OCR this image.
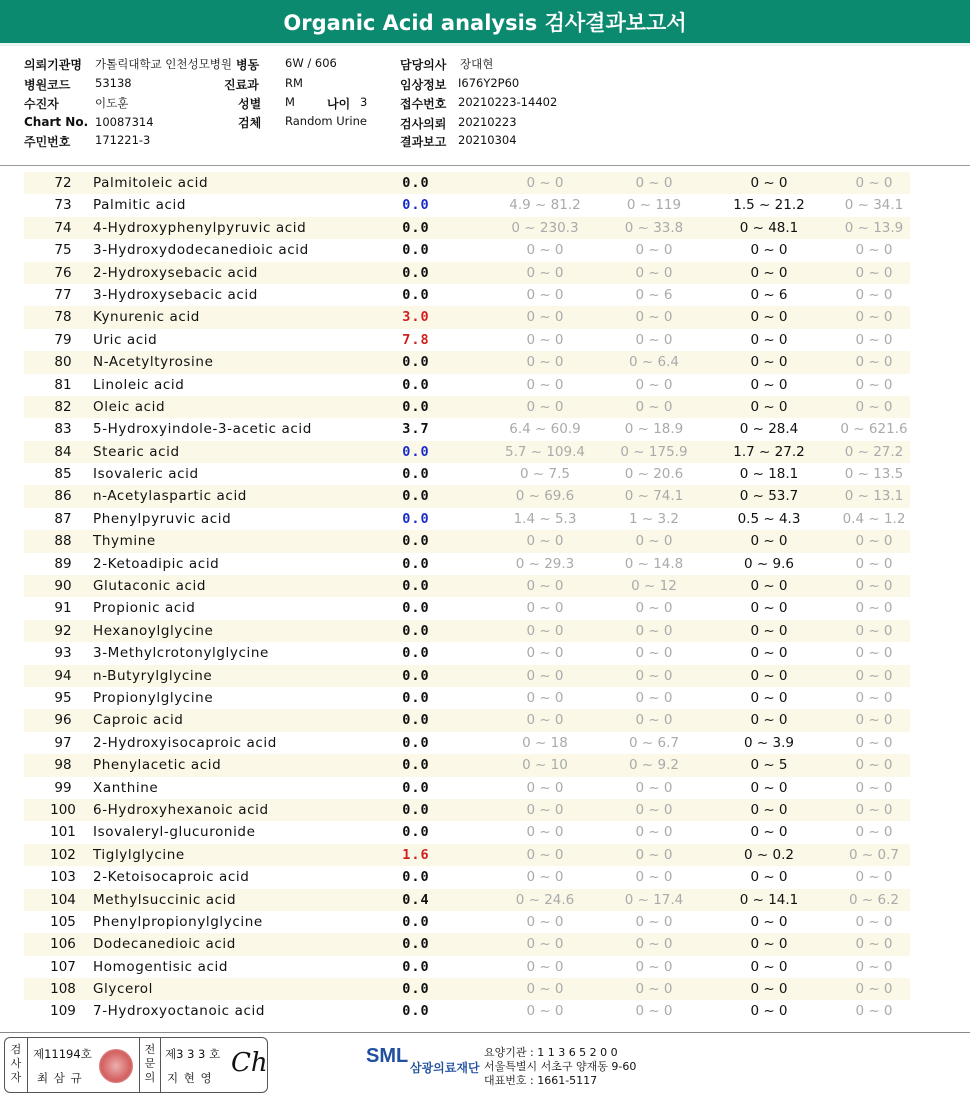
Organic Acid analysis 검사결과보고서
의뢰기관명 가톨릭대학교 인천성모병원 병동 6W / 606	담당의사 장대현
병원코드 53138	진료과 RM	임상정보 I676Y2P60
수진자	이도훈	성별 M	나이 3	접수번호 20210223-14402
Chart No. 10087314	검체 Random Urine	검사의뢰 20210223
주민번호 171221-3	결과보고 20210304
72	Palmitoleic acid	0.0	0 ~ 0	0 ~ 0	0 ~ 0	0 ~ 0
73	Palmitic acid	0.0	4.9 ~ 81.2	0 ~ 119	1.5 ~ 21.2	0 ~ 34.1
74	4-Hydroxyphenylpyruvic acid	0.0	0 ~ 230.3	0 ~ 33.8	0 ~ 48.1	0 ~ 13.9
75	3-Hydroxydodecanedioic acid	0.0	0 ~ 0	0 ~ 0	0 ~ 0	0 ~ 0
76	2-Hydroxysebacic acid	0.0	0 ~ 0	0 ~ 0	0 ~ 0	0 ~ 0
77	3-Hydroxysebacic acid	0.0	0 ~ 0	0 ~ 6	0 ~ 6	0 ~ 0
78	Kynurenic acid	3.0	0 ~ 0	0 ~ 0	0 ~ 0	0 ~ 0
79	Uric acid	7.8	0 ~ 0	0 ~ 0	0 ~ 0	0 ~ 0
80	N-Acetyltyrosine	0.0	0 ~ 0	0 ~ 6.4	0 ~ 0	0 ~ 0
81	Linoleic acid	0.0	0 ~ 0	0 ~ 0	0 ~ 0	0 ~ 0
82	Oleic acid	0.0	0 ~ 0	0 ~ 0	0 ~ 0	0 ~ 0
83	5-Hydroxyindole-3-acetic acid	3.7	6.4 ~ 60.9	0 ~ 18.9	0 ~ 28.4	0 ~ 621.6
84	Stearic acid	0.0	5.7 ~ 109.4	0 ~ 175.9	1.7 ~ 27.2	0 ~ 27.2
85	Isovaleric acid	0.0	0 ~ 7.5	0 ~ 20.6	0 ~ 18.1	0 ~ 13.5
86	n-Acetylaspartic acid	0.0	0 ~ 69.6	0 ~ 74.1	0 ~ 53.7	0 ~ 13.1
87	Phenylpyruvic acid	0.0	1.4 ~ 5.3	1 ~ 3.2	0.5 ~ 4.3	0.4 ~ 1.2
88	Thymine	0.0	0 ~ 0	0 ~ 0	0 ~ 0	0 ~ 0
89	2-Ketoadipic acid	0.0	0 ~ 29.3	0 ~ 14.8	0 ~ 9.6	0 ~ 0
90	Glutaconic acid	0.0	0 ~ 0	0 ~ 12	0 ~ 0	0 ~ 0
91	Propionic acid	0.0	0 ~ 0	0 ~ 0	0 ~ 0	0 ~ 0
92	Hexanoylglycine	0.0	0 ~ 0	0 ~ 0	0 ~ 0	0 ~ 0
93	3-Methylcrotonylglycine	0.0	0 ~ 0	0 ~ 0	0 ~ 0	0 ~ 0
94	n-Butyrylglycine	0.0	0 ~ 0	0 ~ 0	0 ~ 0	0 ~ 0
95	Propionylglycine	0.0	0 ~ 0	0 ~ 0	0 ~ 0	0 ~ 0
96	Caproic acid	0.0	0 ~ 0	0 ~ 0	0 ~ 0	0 ~ 0
97	2-Hydroxyisocaproic acid	0.0	0 ~ 18	0 ~ 6.7	0 ~ 3.9	0 ~ 0
98	Phenylacetic acid	0.0	0 ~ 10	0 ~ 9.2	0 ~ 5	0 ~ 0
99	Xanthine	0.0	0 ~ 0	0 ~ 0	0 ~ 0	0 ~ 0
100 6-Hydroxyhexanoic acid	0.0	0 ~ 0	0 ~ 0	0 ~ 0	0 ~ 0
101 Isovaleryl-glucuronide	0.0	0 ~ 0	0 ~ 0	0 ~ 0	0 ~ 0
102 Tiglylglycine	1.6	0 ~ 0	0 ~ 0	0 ~ 0.2	0 ~ 0.7
103 2-Ketoisocaproic acid	0.0	0 ~ 0	0 ~ 0	0 ~ 0	0 ~ 0
104 Methylsuccinic acid	0.4	0 ~ 24.6	0 ~ 17.4	0 ~ 14.1	0 ~ 6.2
105 Phenylpropionylglycine	0.0	0 ~ 0	0 ~ 0	0 ~ 0	0 ~ 0
106 Dodecanedioic acid	0.0	0 ~ 0	0 ~ 0	0 ~ 0	0 ~ 0
107 Homogentisic acid	0.0	0 ~ 0	0 ~ 0	0 ~ 0	0 ~ 0
108 Glycerol	0.0	0 ~ 0	0 ~ 0	0 ~ 0	0 ~ 0
109 7-Hydroxyoctanoic acid	0.0	0 ~ 0	0 ~ 0	0 ~ 0	0 ~ 0
검사자
제11194호
최 삼 규
전문의
제3 3 3 호
지 현 영 Ch	SML
삼광의료재단
요양기관 : 1 1 3 6 5 2 0 0
서울특별시 서초구 양재동 9-60
대표번호 : 1661-5117
